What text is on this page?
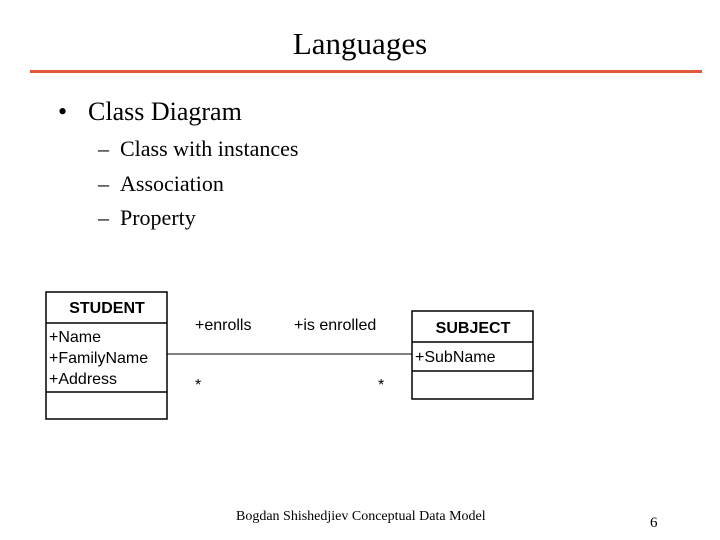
Languages
• Class Diagram
– Class with instances
– Association
– Property
STUDENT
+Name
+FamilyName
+Address
+enrolls	+is enrolled
*	*
SUBJECT
+SubName
Bogdan Shishedjiev Conceptual Data Model	6
